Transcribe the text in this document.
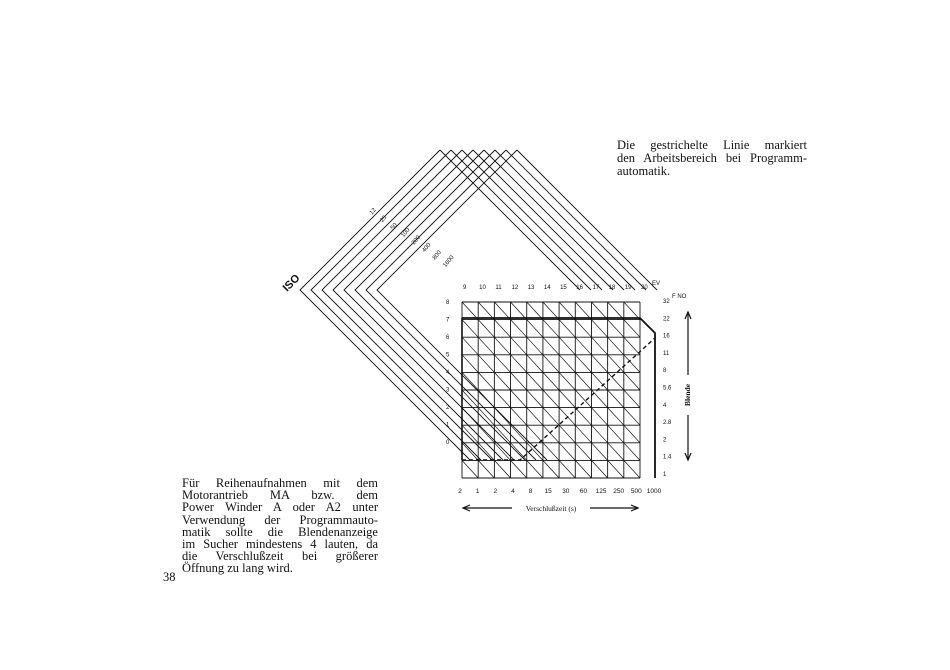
Die gestrichelte Linie markiert
den Arbeitsbereich bei Programm-
automatik.
Für Reihenaufnahmen mit dem
Motorantrieb MA bzw. dem
Power Winder A oder A2 unter
Verwendung der Programmauto-
matik sollte die Blendenanzeige
im Sucher mindestens 4 lauten, da
die Verschlußzeit bei größerer
Öffnung zu lang wird.
38
12
25
50
100
200
400
800 1600
ISO	9 10 11 12 13 14 15 16 17 18 19 20
EV
F NO
32
22
16
11
8
5.6
4
2.8
2
1.4
1
8
7
6
5
4
3
2
1
0
2 1 2 4 8 15 30 60 125 250 500 1000
Verschlußzeit (s)
Blende
